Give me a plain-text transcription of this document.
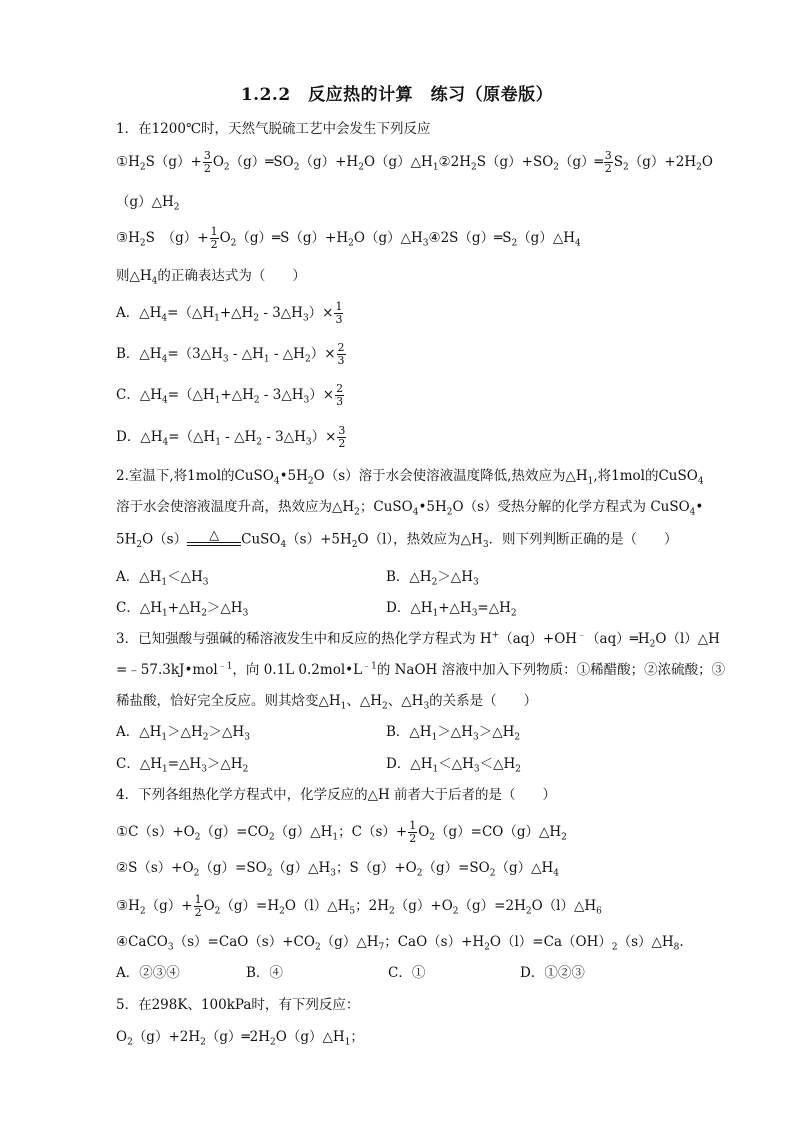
1.2.2　反应热的计算　练习（原卷版）
1．在1200℃时，天然气脱硫工艺中会发生下列反应
$①H_2S(g)+ \frac{3}{2}$ $O_2(g)═SO_2(g)+H_2O(g)\triangle H_1②2H_2S(g)+SO_2(g)═ \frac{3}{2} S_2(g)+2H_2O$
$(g)\triangle H_2$
$③H_2S$　$(g)+ \frac{1}{2}$ $O_2(g)═S(g)+H_2O(g)\triangle H_3④2S(g)═S_2(g)\triangle H_4$
则$\triangle H_4$的正确表达式为（　　）
A．$\triangle H_4=(\triangle H_1+\triangle H_2$ - $3\triangle H_3)\times \frac{1}{3}$
B．$\triangle H_4=(3\triangle H_3$ - $\triangle H_1$ - $\triangle H_2)\times \frac{2}{3}$
C．$\triangle H_4=(\triangle H_1+\triangle H_2$ - $3\triangle H_3)\times \frac{2}{3}$
D．$\triangle H_4=(\triangle H_1$ - $\triangle H_2$ - $3\triangle H_3)\times \frac{3}{2}$
2.室温下,将1mol的$CuSO_4•5H_2O(s)$溶于水会使溶液温度降低,热效应为$\triangle H_1$,将1mol的CuSO$_4$
溶于水会使溶液温度升高，热效应为$\triangle H_2$；$CuSO_4•5H_2O(s)$受热分解的化学方程式为 CuSO$_4$•
$5H_2O(s)$	△	$CuSO_4(s)+5H_2O(l)$，热效应为$\triangle H_3$．则下列判断正确的是（　　）
A．$\triangle H_1<\triangle H_3$	B．$\triangle H_2>\triangle H_3$
C．$\triangle H_1+\triangle H_2>\triangle H_3$	D．$\triangle H_1+\triangle H_3=\triangle H_2$
3．已知强酸与强碱的稀溶液发生中和反应的热化学方程式为 $H^+(aq)+OH^﹣(aq)═H_2O(l)\triangle H$
=﹣57.3kJ•mol$^{﹣1}$，向 0.1L $0.2mol•L^{﹣1}$的 NaOH 溶液中加入下列物质：①稀醋酸；②浓硫酸；③
稀盐酸，恰好完全反应。则其焓变$\triangle H_1$、$\triangle H_2$、$\triangle H_3$的关系是（　　）
A．$\triangle H_1>\triangle H_2>\triangle H_3$	B．$\triangle H_1>\triangle H_3>\triangle H_2$
C．$\triangle H_1=\triangle H_3>\triangle H_2$	D．$\triangle H_1<\triangle H_3<\triangle H_2$
4．下列各组热化学方程式中，化学反应的△H 前者大于后者的是（　　）
$①C(s)+O_2(g)=CO_2(g)\triangle H_1$；$C(s)+ \frac{1}{2}$ $O_2(g)=CO(g)\triangle H_2$
$②S(s)+O_2(g)=SO_2(g)\triangle H_3$；$S(g)+O_2(g)=SO_2(g)\triangle H_4$
$③H_2(g)+ \frac{1}{2}$ $O_2(g)=H_2O(l)\triangle H_5$；$2H_2(g)+O_2(g)=2H_2O(l)\triangle H_6$
$④CaCO_3(s)=CaO(s)+CO_2(g)\triangle H_7$；$CaO(s)+H_2O(l)=Ca(OH)_2(s)\triangle H_8$.
A．②③④	B．④	C．①	D．①②③
5．在298K、100kPa时，有下列反应：
$O_2(g)+2H_2(g)═2H_2O(g)\triangle H_1$；
